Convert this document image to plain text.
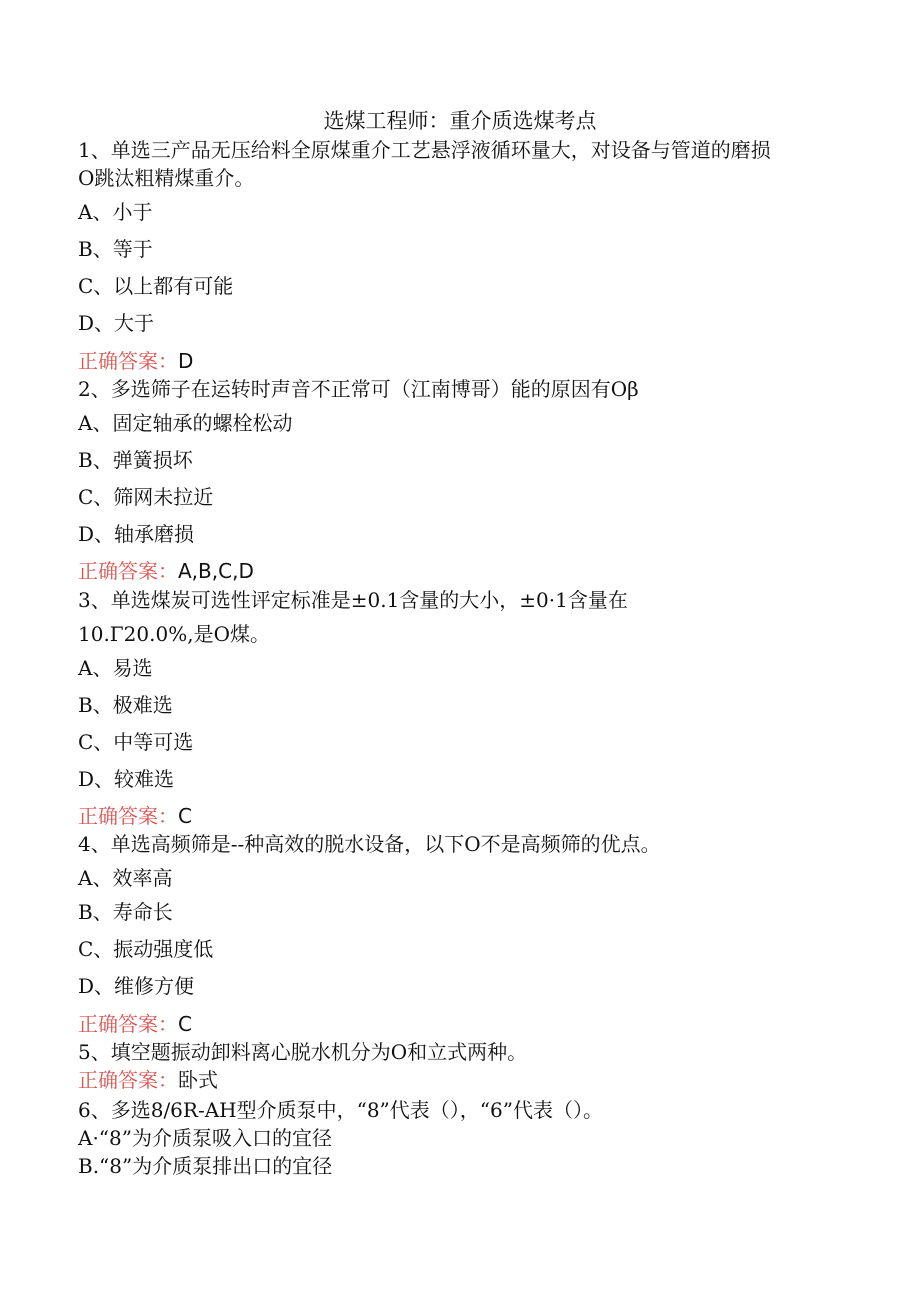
选煤工程师：重介质选煤考点
1、单选三产品无压给料全原煤重介工艺悬浮液循环量大，对设备与管道的磨损
O跳汰粗精煤重介。
A、小于
B、等于
C、以上都有可能
D、大于
正确答案：D
2、多选筛子在运转时声音不正常可（江南博哥）能的原因有Oβ
A、固定轴承的螺栓松动
B、弹簧损坏
C、筛网未拉近
D、轴承磨损
正确答案：A,B,C,D
3、单选煤炭可选性评定标准是±0.1含量的大小，±0·1含量在
10.Γ20.0%,是O煤。
A、易选
B、极难选
C、中等可选
D、较难选
正确答案：C
4、单选高频筛是--种高效的脱水设备，以下O不是高频筛的优点。
A、效率高
B、寿命长
C、振动强度低
D、维修方便
正确答案：C
5、填空题振动卸料离心脱水机分为O和立式两种。
正确答案：卧式
6、多选8/6R-AH型介质泵中，“8”代表（），“6”代表（）。
A·“8”为介质泵吸入口的宜径
B.“8”为介质泵排出口的宜径
